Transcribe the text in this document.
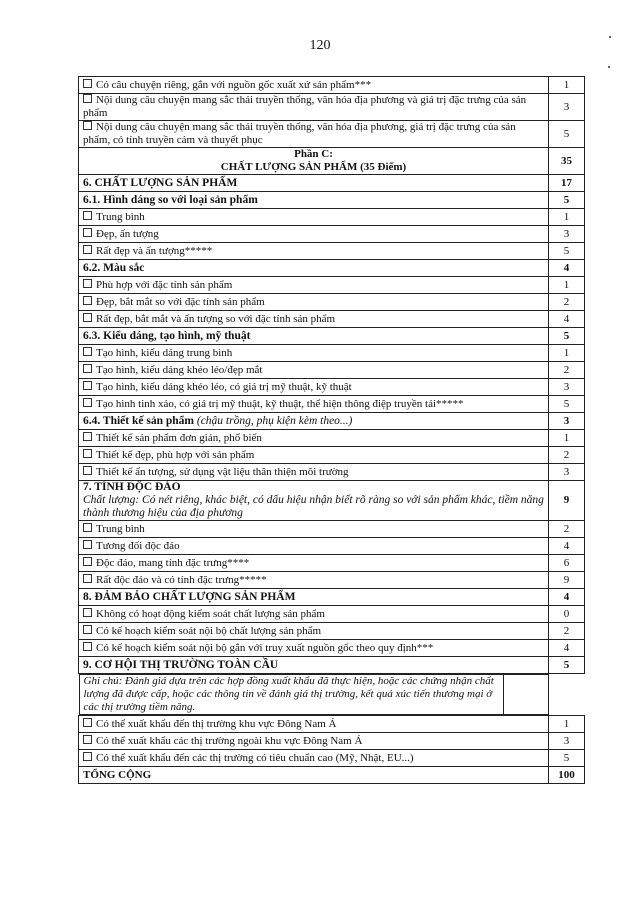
120
Có câu chuyện riêng, gắn với nguồn gốc xuất xứ sản phẩm***	1
Nội dung câu chuyện mang sắc thái truyền thống, văn hóa địa phương và giá trị đặc trưng của sản phẩm	3
Nội dung câu chuyện mang sắc thái truyền thống, văn hóa địa phương, giá trị đặc trưng của sản phẩm, có tính truyền cảm và thuyết phục	5

Phần C:
CHẤT LƯỢNG SẢN PHẨM (35 Điểm)	35
6. CHẤT LƯỢNG SẢN PHẨM	17
6.1. Hình dáng so với loại sản phẩm	5
Trung bình	1
Đẹp, ấn tượng	3
Rất đẹp và ấn tượng*****	5
6.2. Màu sắc	4
Phù hợp với đặc tính sản phẩm	1
Đẹp, bắt mắt so với đặc tính sản phẩm	2
Rất đẹp, bắt mắt và ấn tượng so với đặc tính sản phẩm	4
6.3. Kiểu dáng, tạo hình, mỹ thuật	5
Tạo hình, kiểu dáng trung bình	1
Tạo hình, kiểu dáng khéo léo/đẹp mắt	2
Tạo hình, kiểu dáng khéo léo, có giá trị mỹ thuật, kỹ thuật	3
Tạo hình tinh xảo, có giá trị mỹ thuật, kỹ thuật, thể hiện thông điệp truyền tải*****	5
6.4. Thiết kế sản phẩm (chậu trồng, phụ kiện kèm theo...)	3
Thiết kế sản phẩm đơn giản, phổ biến	1
Thiết kế đẹp, phù hợp với sản phẩm	2
Thiết kế ấn tượng, sử dụng vật liệu thân thiện môi trường	3
7. TÍNH ĐỘC ĐÁO
Chất lượng: Có nét riêng, khác biệt, có dấu hiệu nhận biết rõ ràng so với sản phẩm khác, tiềm năng thành thương hiệu của địa phương	9
Trung bình	2
Tương đối độc đáo	4
Độc đáo, mang tính đặc trưng****	6
Rất độc đáo và có tính đặc trưng*****	9
8. ĐẢM BẢO CHẤT LƯỢNG SẢN PHẨM	4
Không có hoạt động kiểm soát chất lượng sản phẩm	0
Có kế hoạch kiểm soát nội bộ chất lượng sản phẩm	2
Có kế hoạch kiểm soát nội bộ gắn với truy xuất nguồn gốc theo quy định***	4
9. CƠ HỘI THỊ TRƯỜNG TOÀN CẦU	5

Ghi chú: Đánh giá dựa trên các hợp đồng xuất khẩu đã thực hiện, hoặc các chứng nhận chất lượng đã được cấp, hoặc các thông tin về đánh giá thị trường, kết quả xúc tiến thương mại ở các thị trường tiềm năng.

Có thể xuất khẩu đến thị trường khu vực Đông Nam Á	1
Có thể xuất khẩu các thị trường ngoài khu vực Đông Nam Á	3
Có thể xuất khẩu đến các thị trường có tiêu chuẩn cao (Mỹ, Nhật, EU...)	5
TỔNG CỘNG	100
